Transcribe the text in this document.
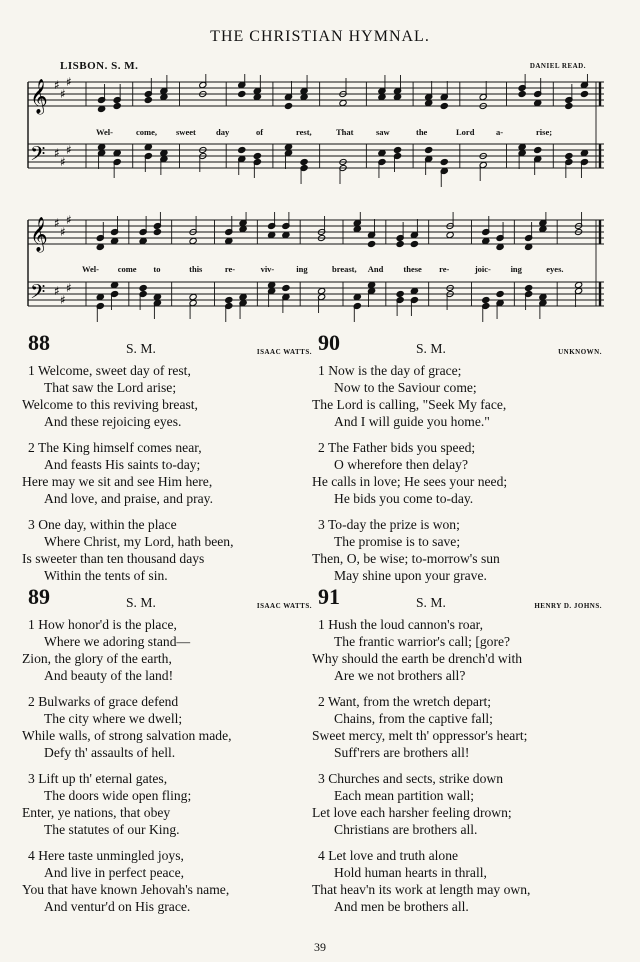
THE CHRISTIAN HYMNAL.
LISBON. S. M.	DANIEL READ.
𝄞
𝄢
♯
♯
♯
♯
♯
♯
Wel-	come, sweet day	of	rest,	That	saw	the	Lord	a-	rise;
𝄞
𝄢
♯
♯
♯
♯
♯
♯
Wel- come to	this	re-	viv-	ing	breast, And these re-	joic- ing	eyes.
88	S. M.	ISAAC WATTS.
1 Welcome, sweet day of rest,
That saw the Lord arise;
Welcome to this reviving breast,
And these rejoicing eyes.
2 The King himself comes near,
And feasts His saints to-day;
Here may we sit and see Him here,
And love, and praise, and pray.
3 One day, within the place
Where Christ, my Lord, hath been,
Is sweeter than ten thousand days
Within the tents of sin.
89	S. M.	ISAAC WATTS.
1 How honor'd is the place,
Where we adoring stand—
Zion, the glory of the earth,
And beauty of the land!
2 Bulwarks of grace defend
The city where we dwell;
While walls, of strong salvation made,
Defy th' assaults of hell.
3 Lift up th' eternal gates,
The doors wide open fling;
Enter, ye nations, that obey
The statutes of our King.
4 Here taste unmingled joys,
And live in perfect peace,
You that have known Jehovah's name,
And ventur'd on His grace.
90	S. M.	UNKNOWN.
1 Now is the day of grace;
Now to the Saviour come;
The Lord is calling, "Seek My face,
And I will guide you home."
2 The Father bids you speed;
O wherefore then delay?
He calls in love; He sees your need;
He bids you come to-day.
3 To-day the prize is won;
The promise is to save;
Then, O, be wise; to-morrow's sun
May shine upon your grave.
91	S. M.	HENRY D. JOHNS.
1 Hush the loud cannon's roar,
The frantic warrior's call; [gore?
Why should the earth be drench'd with
Are we not brothers all?
2 Want, from the wretch depart;
Chains, from the captive fall;
Sweet mercy, melt th' oppressor's heart;
Suff'rers are brothers all!
3 Churches and sects, strike down
Each mean partition wall;
Let love each harsher feeling drown;
Christians are brothers all.
4 Let love and truth alone
Hold human hearts in thrall,
That heav'n its work at length may own,
And men be brothers all.
39
